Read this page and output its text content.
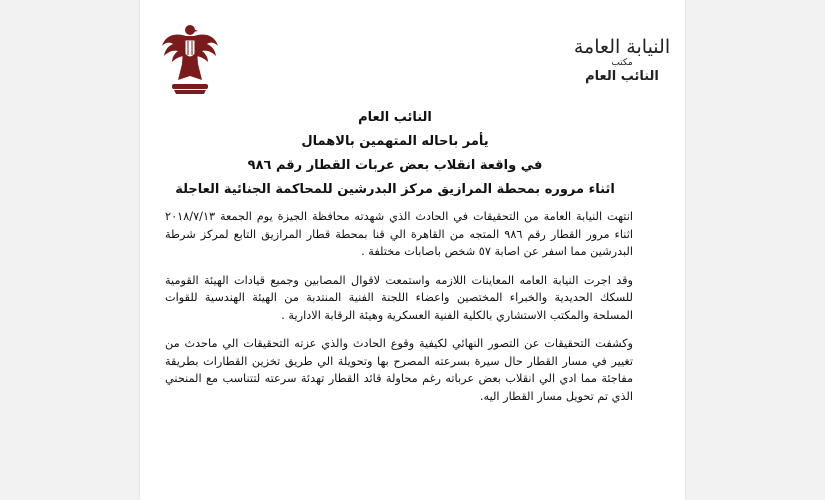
النيابة العامة
مكتب
النائب العام
النائب العام
يأمر باحاله المتهمين بالاهمال
في واقعة انقلاب بعض عربات القطار رقم ٩٨٦
اثناء مروره بمحطة المرازيق مركز البدرشين للمحاكمة الجنائية العاجلة

انتهت النيابة العامة من التحقيقات في الحادث الذي شهدته محافظة الجيزة يوم الجمعة ٢٠١٨/٧/١٣ اثناء مرور القطار رقم ٩٨٦ المتجه من القاهرة الي قنا بمحطة قطار المرازيق التابع لمركز شرطة البدرشين مما اسفر عن اصابة ٥٧ شخص باصابات مختلفة .

وقد اجرت النيابة العامه المعاينات اللازمه واستمعت لاقوال المصابين وجميع قيادات الهيئة القومية للسكك الحديدية والخبراء المختصين واعضاء اللجنة الفنية المنتدبة من الهيئة الهندسية للقوات المسلحة والمكتب الاستشاري بالكلية الفنية العسكرية وهيئة الرقابة الادارية .

وكشفت التحقيقات عن التصور النهائي لكيفية وقوع الحادث والذي عزته التحقيقات الي ماحدث من تغيير في مسار القطار حال سيرة بسرعته المصرح بها وتحويلة الي طريق تخزين القطارات بطريقة مفاجئة مما ادي الي انقلاب بعض عرباته رغم محاولة قائد القطار تهدئة سرعته لتتناسب مع المنحني الذي تم تحويل مسار القطار اليه.
